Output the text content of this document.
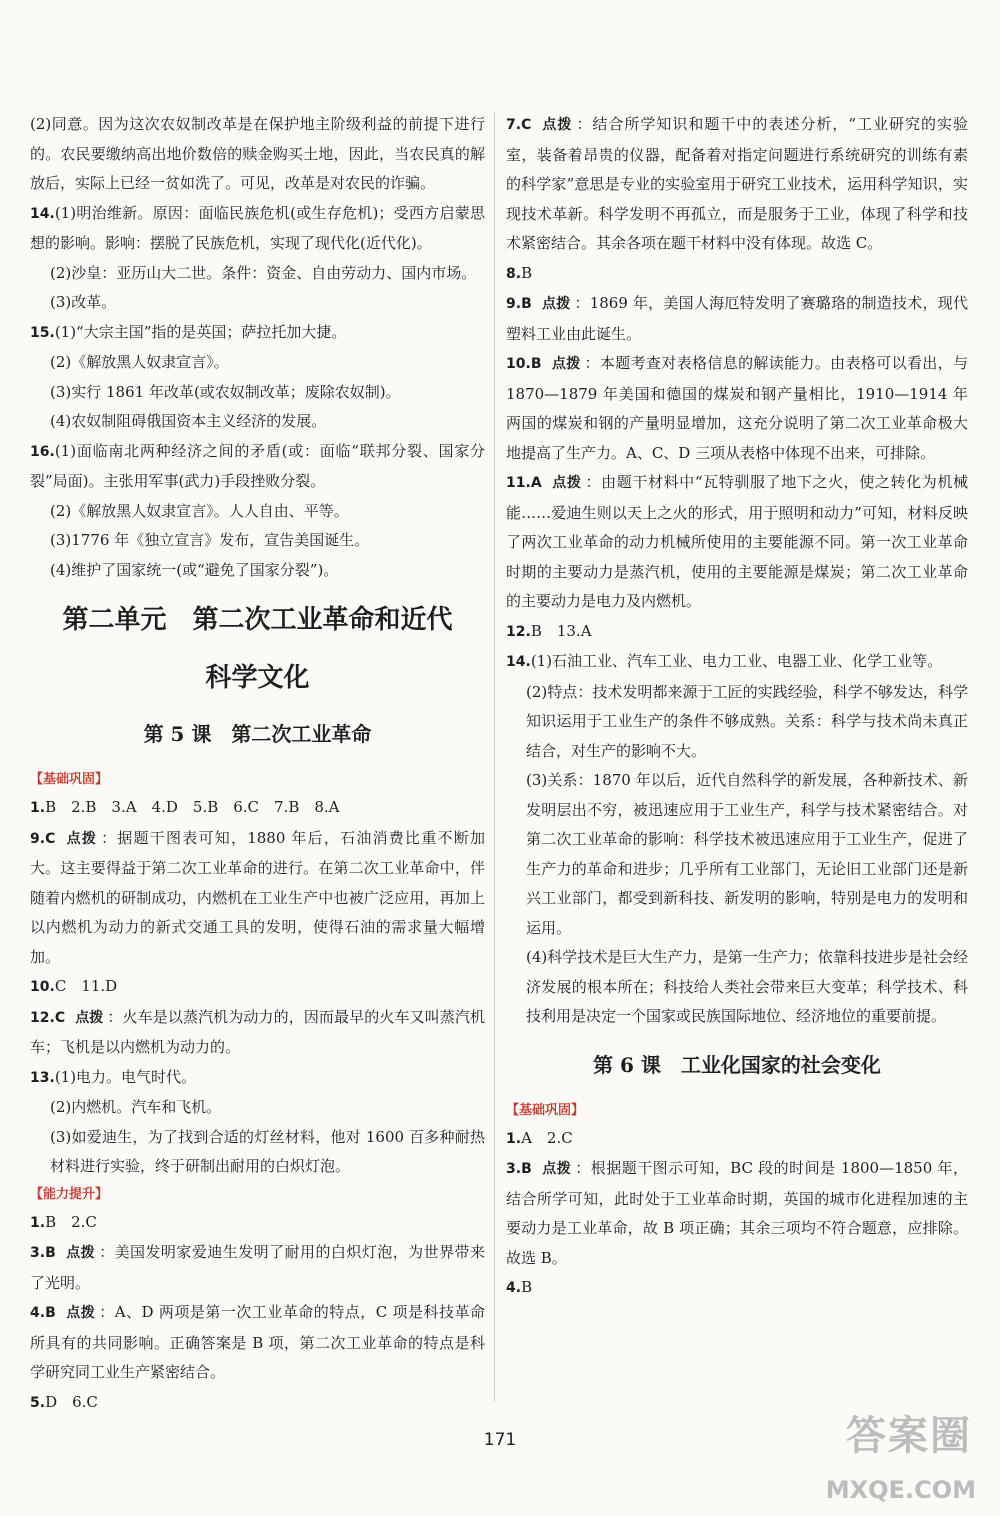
(2)同意。因为这次农奴制改革是在保护地主阶级利益的前提下进行的。农民要缴纳高出地价数倍的赎金购买土地，因此，当农民真的解放后，实际上已经一贫如洗了。可见，改革是对农民的诈骗。

14.(1)明治维新。原因：面临民族危机(或生存危机)；受西方启蒙思想的影响。影响：摆脱了民族危机，实现了现代化(近代化)。

(2)沙皇：亚历山大二世。条件：资金、自由劳动力、国内市场。

(3)改革。

15.(1)“大宗主国”指的是英国；萨拉托加大捷。

(2)《解放黑人奴隶宣言》。

(3)实行 1861 年改革(或农奴制改革；废除农奴制)。

(4)农奴制阻碍俄国资本主义经济的发展。

16.(1)面临南北两种经济之间的矛盾(或：面临“联邦分裂、国家分裂”局面)。主张用军事(武力)手段挫败分裂。

(2)《解放黑人奴隶宣言》。人人自由、平等。

(3)1776 年《独立宣言》发布，宣告美国诞生。

(4)维护了国家统一(或“避免了国家分裂”)。

第二单元　第二次工业革命和近代
科学文化
第 5 课　第二次工业革命
【基础巩固】

1.B　2.B　3.A　4.D　5.B　6.C　7.B　8.A

9.C 点拨 ：据题干图表可知，1880 年后，石油消费比重不断加大。这主要得益于第二次工业革命的进行。在第二次工业革命中，伴随着内燃机的研制成功，内燃机在工业生产中也被广泛应用，再加上以内燃机为动力的新式交通工具的发明，使得石油的需求量大幅增加。

10.C　11.D

12.C 点拨 ：火车是以蒸汽机为动力的，因而最早的火车又叫蒸汽机车；飞机是以内燃机为动力的。

13.(1)电力。电气时代。

(2)内燃机。汽车和飞机。

(3)如爱迪生，为了找到合适的灯丝材料，他对 1600 百多种耐热材料进行实验，终于研制出耐用的白炽灯泡。

【能力提升】

1.B　2.C

3.B 点拨 ：美国发明家爱迪生发明了耐用的白炽灯泡，为世界带来了光明。

4.B 点拨 ：A、D 两项是第一次工业革命的特点，C 项是科技革命所具有的共同影响。正确答案是 B 项，第二次工业革命的特点是科学研究同工业生产紧密结合。

5.D　6.C

7.C 点拨 ：结合所学知识和题干中的表述分析，“工业研究的实验室，装备着昂贵的仪器，配备着对指定问题进行系统研究的训练有素的科学家”意思是专业的实验室用于研究工业技术，运用科学知识，实现技术革新。科学发明不再孤立，而是服务于工业，体现了科学和技术紧密结合。其余各项在题干材料中没有体现。故选 C。

8.B

9.B 点拨 ：1869 年，美国人海厄特发明了赛璐珞的制造技术，现代塑料工业由此诞生。

10.B 点拨 ：本题考查对表格信息的解读能力。由表格可以看出，与 1870—1879 年美国和德国的煤炭和钢产量相比，1910—1914 年两国的煤炭和钢的产量明显增加，这充分说明了第二次工业革命极大地提高了生产力。A、C、D 三项从表格中体现不出来，可排除。

11.A 点拨 ：由题干材料中“瓦特驯服了地下之火，使之转化为机械能……爱迪生则以天上之火的形式，用于照明和动力”可知，材料反映了两次工业革命的动力机械所使用的主要能源不同。第一次工业革命时期的主要动力是蒸汽机，使用的主要能源是煤炭；第二次工业革命的主要动力是电力及内燃机。

12.B　13.A

14.(1)石油工业、汽车工业、电力工业、电器工业、化学工业等。

(2)特点：技术发明都来源于工匠的实践经验，科学不够发达，科学知识运用于工业生产的条件不够成熟。关系：科学与技术尚未真正结合，对生产的影响不大。

(3)关系：1870 年以后，近代自然科学的新发展，各种新技术、新发明层出不穷，被迅速应用于工业生产，科学与技术紧密结合。对第二次工业革命的影响：科学技术被迅速应用于工业生产，促进了生产力的革命和进步；几乎所有工业部门，无论旧工业部门还是新兴工业部门，都受到新科技、新发明的影响，特别是电力的发明和运用。

(4)科学技术是巨大生产力，是第一生产力；依靠科技进步是社会经济发展的根本所在；科技给人类社会带来巨大变革；科学技术、科技利用是决定一个国家或民族国际地位、经济地位的重要前提。

第 6 课　工业化国家的社会变化
【基础巩固】

1.A　2.C

3.B 点拨 ：根据题干图示可知，BC 段的时间是 1800—1850 年，结合所学可知，此时处于工业革命时期，英国的城市化进程加速的主要动力是工业革命，故 B 项正确；其余三项均不符合题意，应排除。故选 B。

4.B

171	答案圈
MXQE.COM
